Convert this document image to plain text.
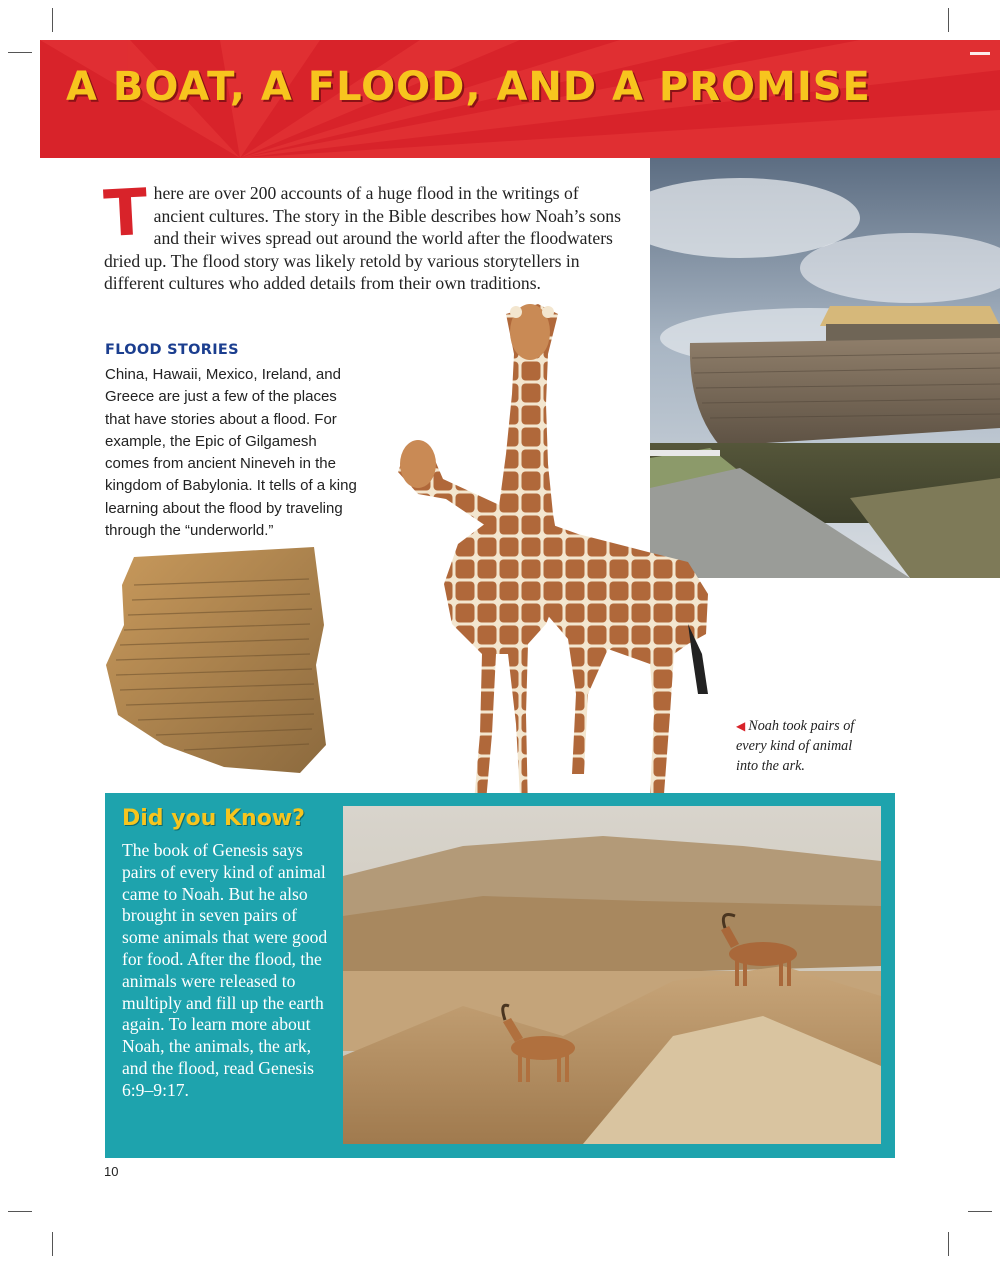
A BOAT, A FLOOD, AND A PROMISE
T here are over 200 accounts of a huge flood in the writings of ancient cultures. The story in the Bible describes how Noah’s sons and their wives spread out around the world after the floodwaters dried up. The flood story was likely retold by various storytellers in different cultures who added details from their own traditions.
FLOOD STORIES
China, Hawaii, Mexico, Ireland, and Greece are just a few of the places that have stories about a flood. For example, the Epic of Gilgamesh comes from ancient Nineveh in the kingdom of Babylonia. It tells of a king learning about the flood by traveling through the “underworld.”
◀ Noah took pairs of every kind of animal into the ark.
Did you Know?
The book of Genesis says pairs of every kind of animal came to Noah. But he also brought in seven pairs of some animals that were good for food. After the flood, the animals were released to multiply and fill up the earth again. To learn more about Noah, the animals, the ark, and the flood, read Genesis 6:9–9:17.
10
